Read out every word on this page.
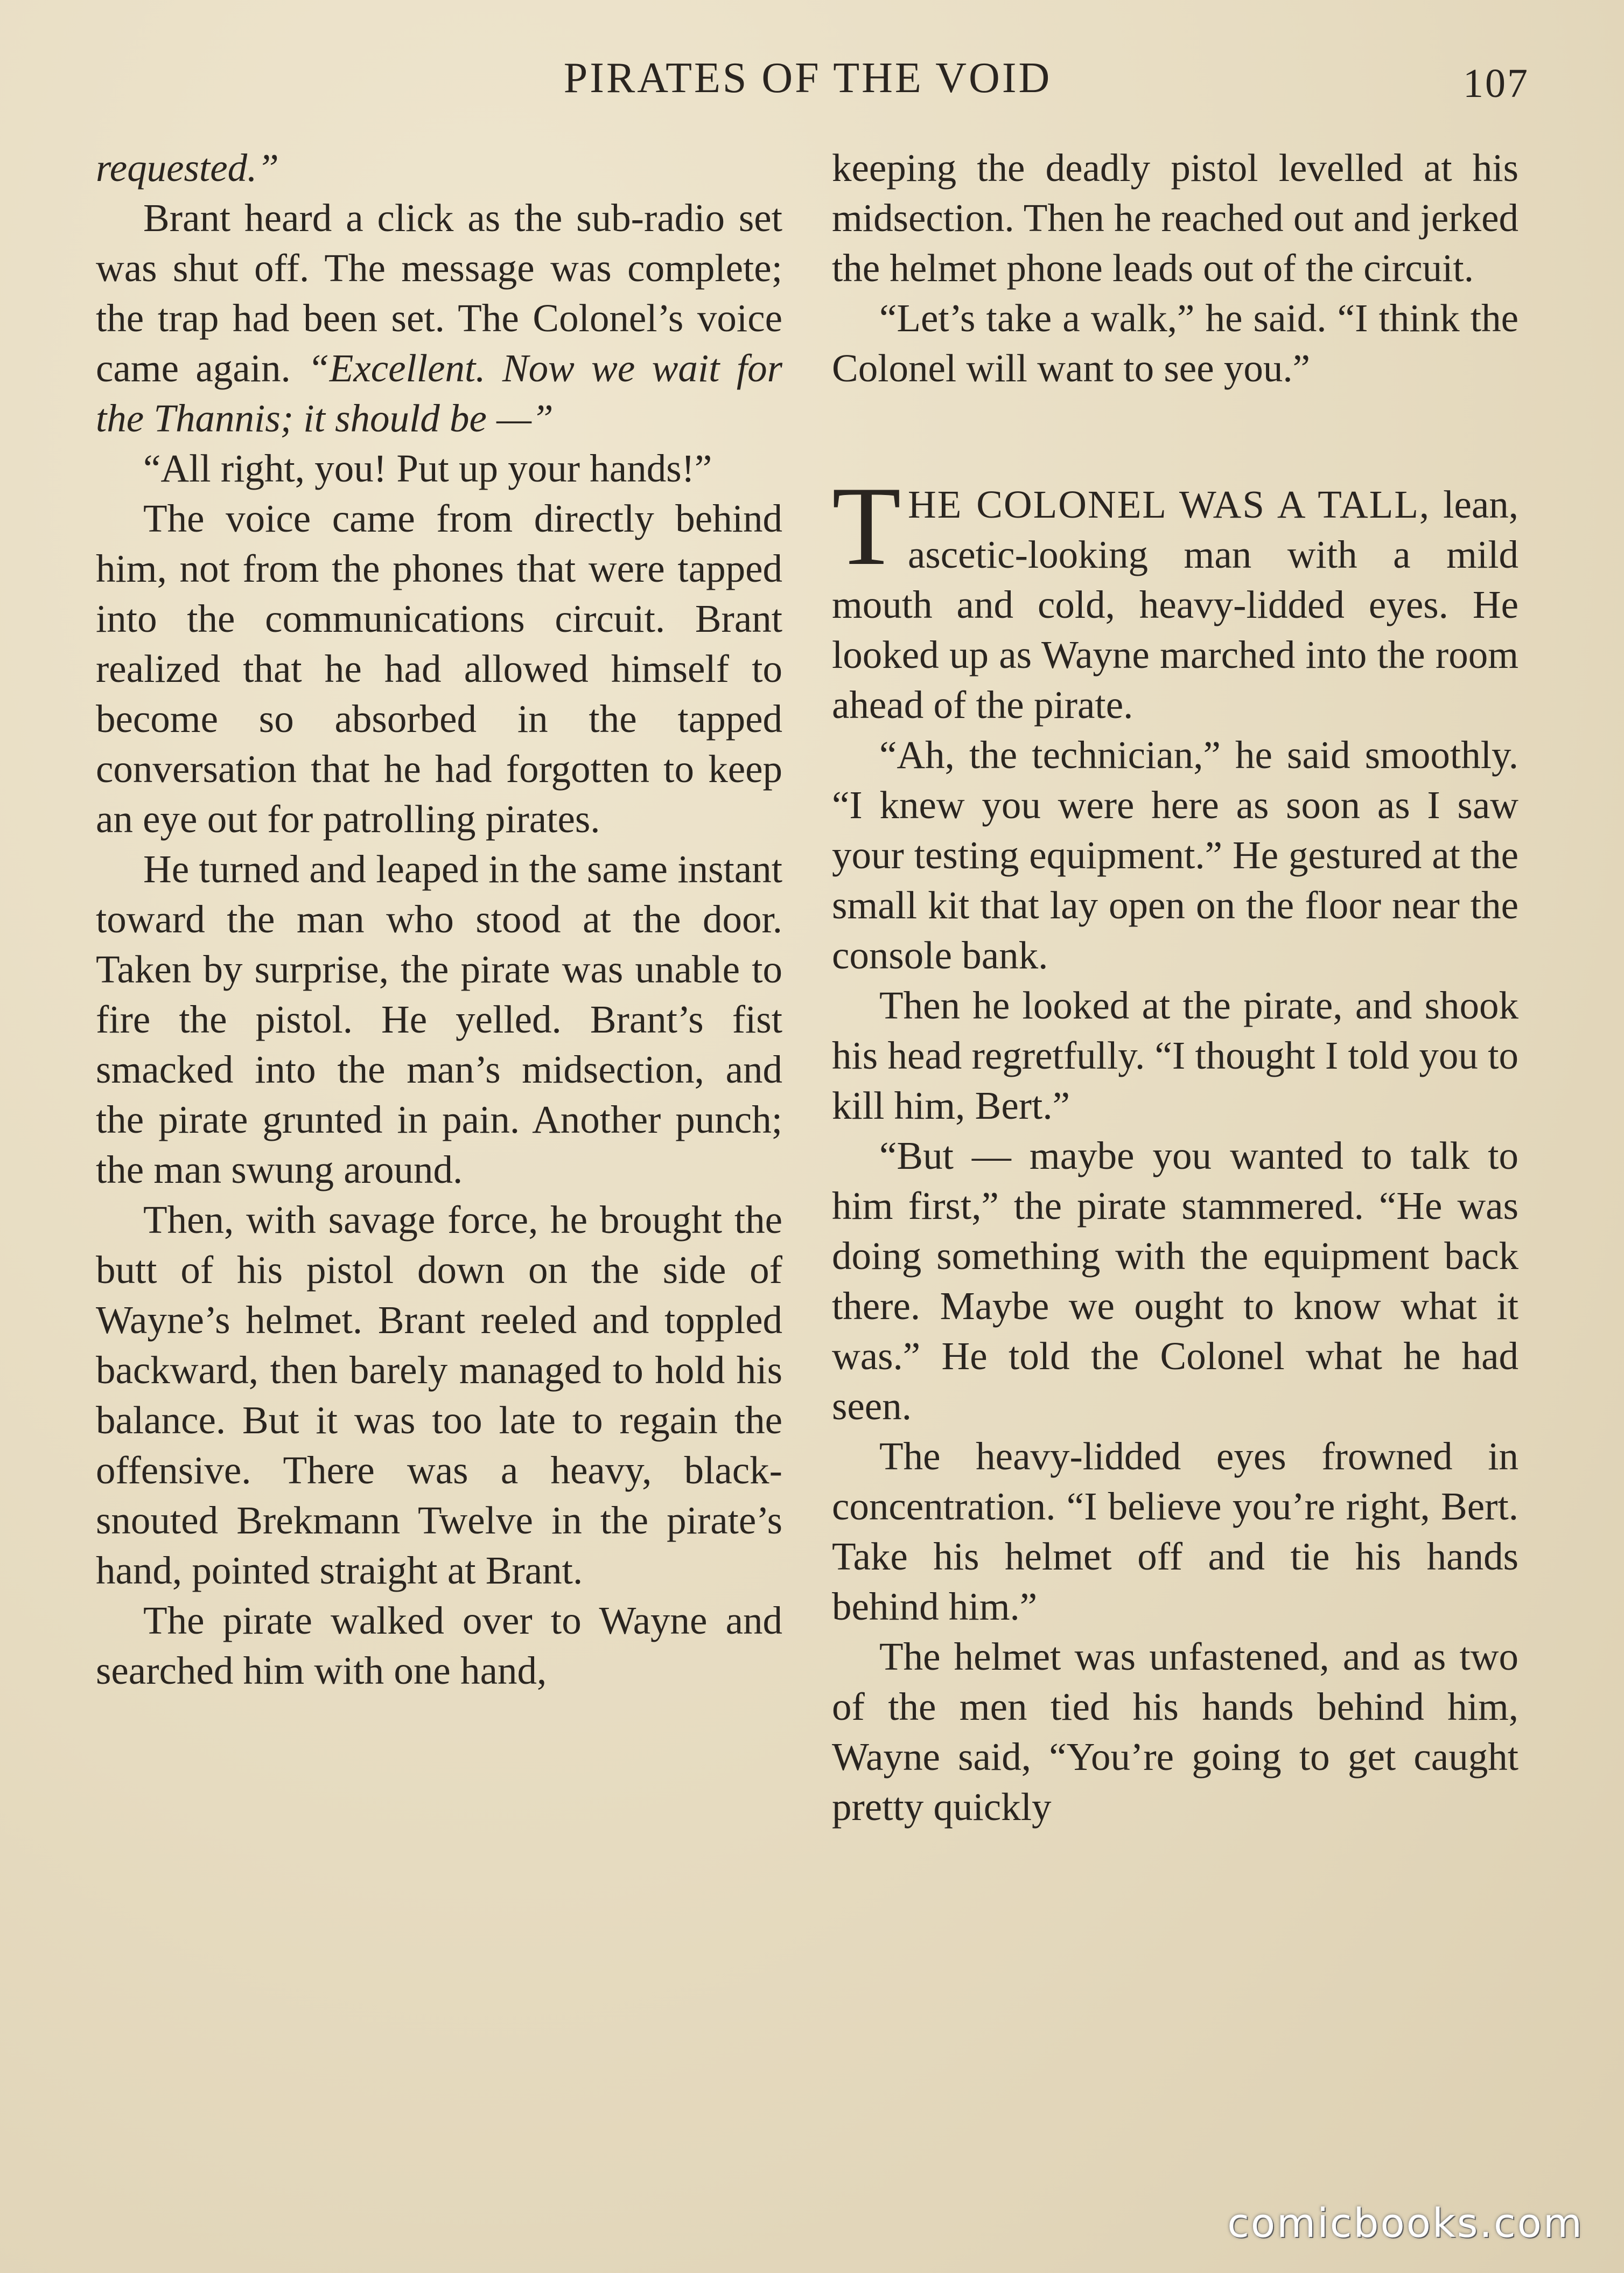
PIRATES OF THE VOID	107

requested.”

Brant heard a click as the sub-radio set was shut off. The message was complete; the trap had been set. The Colonel’s voice came again. “Excellent. Now we wait for the Thannis; it should be —”

“All right, you! Put up your hands!”

The voice came from directly behind him, not from the phones that were tapped into the communications circuit. Brant realized that he had allowed himself to become so absorbed in the tapped conversation that he had forgotten to keep an eye out for patrolling pirates.

He turned and leaped in the same instant toward the man who stood at the door. Taken by surprise, the pirate was unable to fire the pistol. He yelled. Brant’s fist smacked into the man’s midsection, and the pirate grunted in pain. Another punch; the man swung around.

Then, with savage force, he brought the butt of his pistol down on the side of Wayne’s helmet. Brant reeled and toppled backward, then barely managed to hold his balance. But it was too late to regain the offensive. There was a heavy, black-snouted Brekmann Twelve in the pirate’s hand, pointed straight at Brant.

The pirate walked over to Wayne and searched him with one hand,

keeping the deadly pistol levelled at his midsection. Then he reached out and jerked the helmet phone leads out of the circuit.

“Let’s take a walk,” he said. “I think the Colonel will want to see you.”

THE COLONEL WAS A TALL, lean, ascetic-looking man with a mild mouth and cold, heavy-lidded eyes. He looked up as Wayne marched into the room ahead of the pirate.

“Ah, the technician,” he said smoothly. “I knew you were here as soon as I saw your testing equipment.” He gestured at the small kit that lay open on the floor near the console bank.

Then he looked at the pirate, and shook his head regretfully. “I thought I told you to kill him, Bert.”

“But — maybe you wanted to talk to him first,” the pirate stammered. “He was doing something with the equipment back there. Maybe we ought to know what it was.” He told the Colonel what he had seen.

The heavy-lidded eyes frowned in concentration. “I believe you’re right, Bert. Take his helmet off and tie his hands behind him.”

The helmet was unfastened, and as two of the men tied his hands behind him, Wayne said, “You’re going to get caught pretty quickly

comicbooks.com
